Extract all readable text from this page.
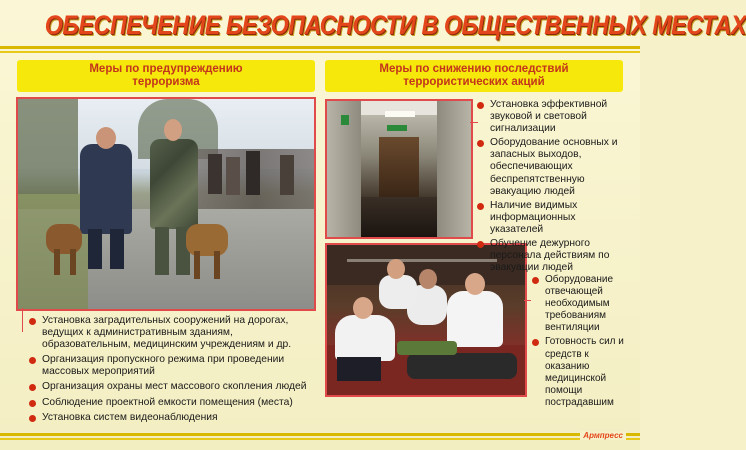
ОБЕСПЕЧЕНИЕ БЕЗОПАСНОСТИ В ОБЩЕСТВЕННЫХ МЕСТАХ
Меры по предупреждению
терроризма
Меры по снижению последствий
террористических акций
Установка заградительных сооружений на дорогах, ведущих к административным зданиям, образовательным, медицинским учреждениям и др.
Организация пропускного режима при проведении массовых мероприятий
Организация охраны мест массового скопления людей
Соблюдение проектной емкости помещения (места)
Установка систем видеонаблюдения
Установка эффективной звуковой и световой сигнализации
Оборудование основных и запасных выходов, обеспечивающих беспрепятственную эвакуацию людей
Наличие видимых информационных указателей
Обучение дежурного персонала действиям по эвакуации людей
Оборудование отвечающей необходимым требованиям вентиляции
Готовность сил и средств к оказанию медицинской помощи пострадавшим
Армпресс
